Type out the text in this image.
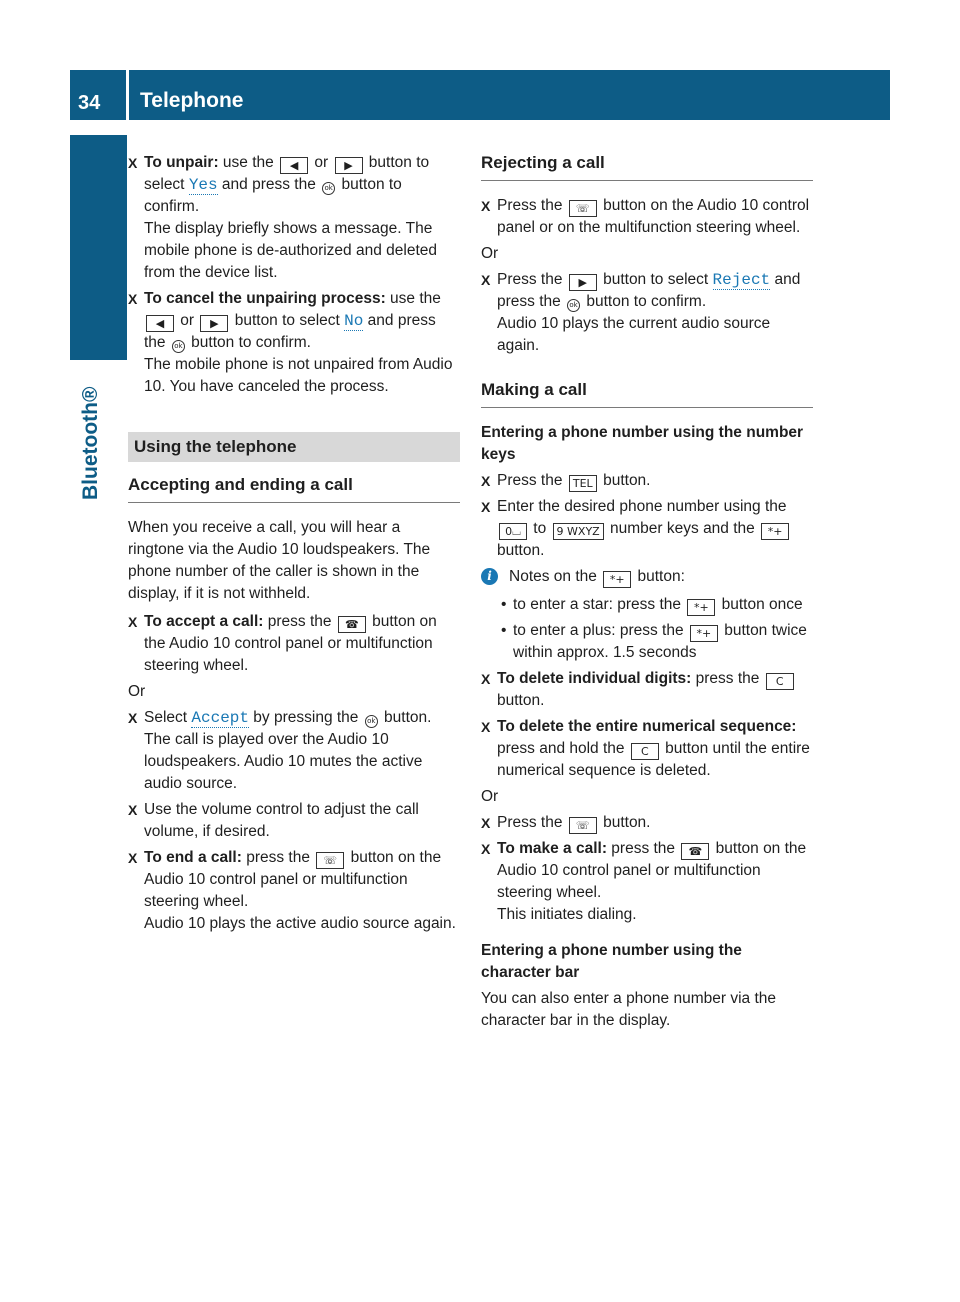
34 Telephone
Bluetooth®
X To unpair: use the ◀ or ▶ button to select Yes and press the ok button to confirm.
The display briefly shows a message. The mobile phone is de-authorized and deleted from the device list.
X To cancel the unpairing process: use the ◀ or ▶ button to select No and press the ok button to confirm.
The mobile phone is not unpaired from Audio 10. You have canceled the process.
Using the telephone
Accepting and ending a call

When you receive a call, you will hear a ringtone via the Audio 10 loudspeakers. The phone number of the caller is shown in the display, if it is not withheld.

X To accept a call: press the ☎ button on the Audio 10 control panel or multifunction steering wheel.
Or
X Select Accept by pressing the ok button.
The call is played over the Audio 10 loudspeakers. Audio 10 mutes the active audio source.
X Use the volume control to adjust the call volume, if desired.
X To end a call: press the ☏ button on the Audio 10 control panel or multifunction steering wheel.
Audio 10 plays the active audio source again.
Rejecting a call
X Press the ☏ button on the Audio 10 control panel or on the multifunction steering wheel.
Or
X Press the ▶ button to select Reject and press the ok button to confirm.
Audio 10 plays the current audio source again.
Making a call
Entering a phone number using the number keys
X Press the TEL button.
X Enter the desired phone number using the 0⌴ to 9 WXYZ number keys and the *+ button.
i	Notes on the *+ button:
• to enter a star: press the *+ button once
• to enter a plus: press the *+ button twice within approx. 1.5 seconds
X To delete individual digits: press the C button.
X To delete the entire numerical sequence: press and hold the C button until the entire numerical sequence is deleted.
Or
X Press the ☏ button.
X To make a call: press the ☎ button on the Audio 10 control panel or multifunction steering wheel.
This initiates dialing.
Entering a phone number using the character bar

You can also enter a phone number via the character bar in the display.
